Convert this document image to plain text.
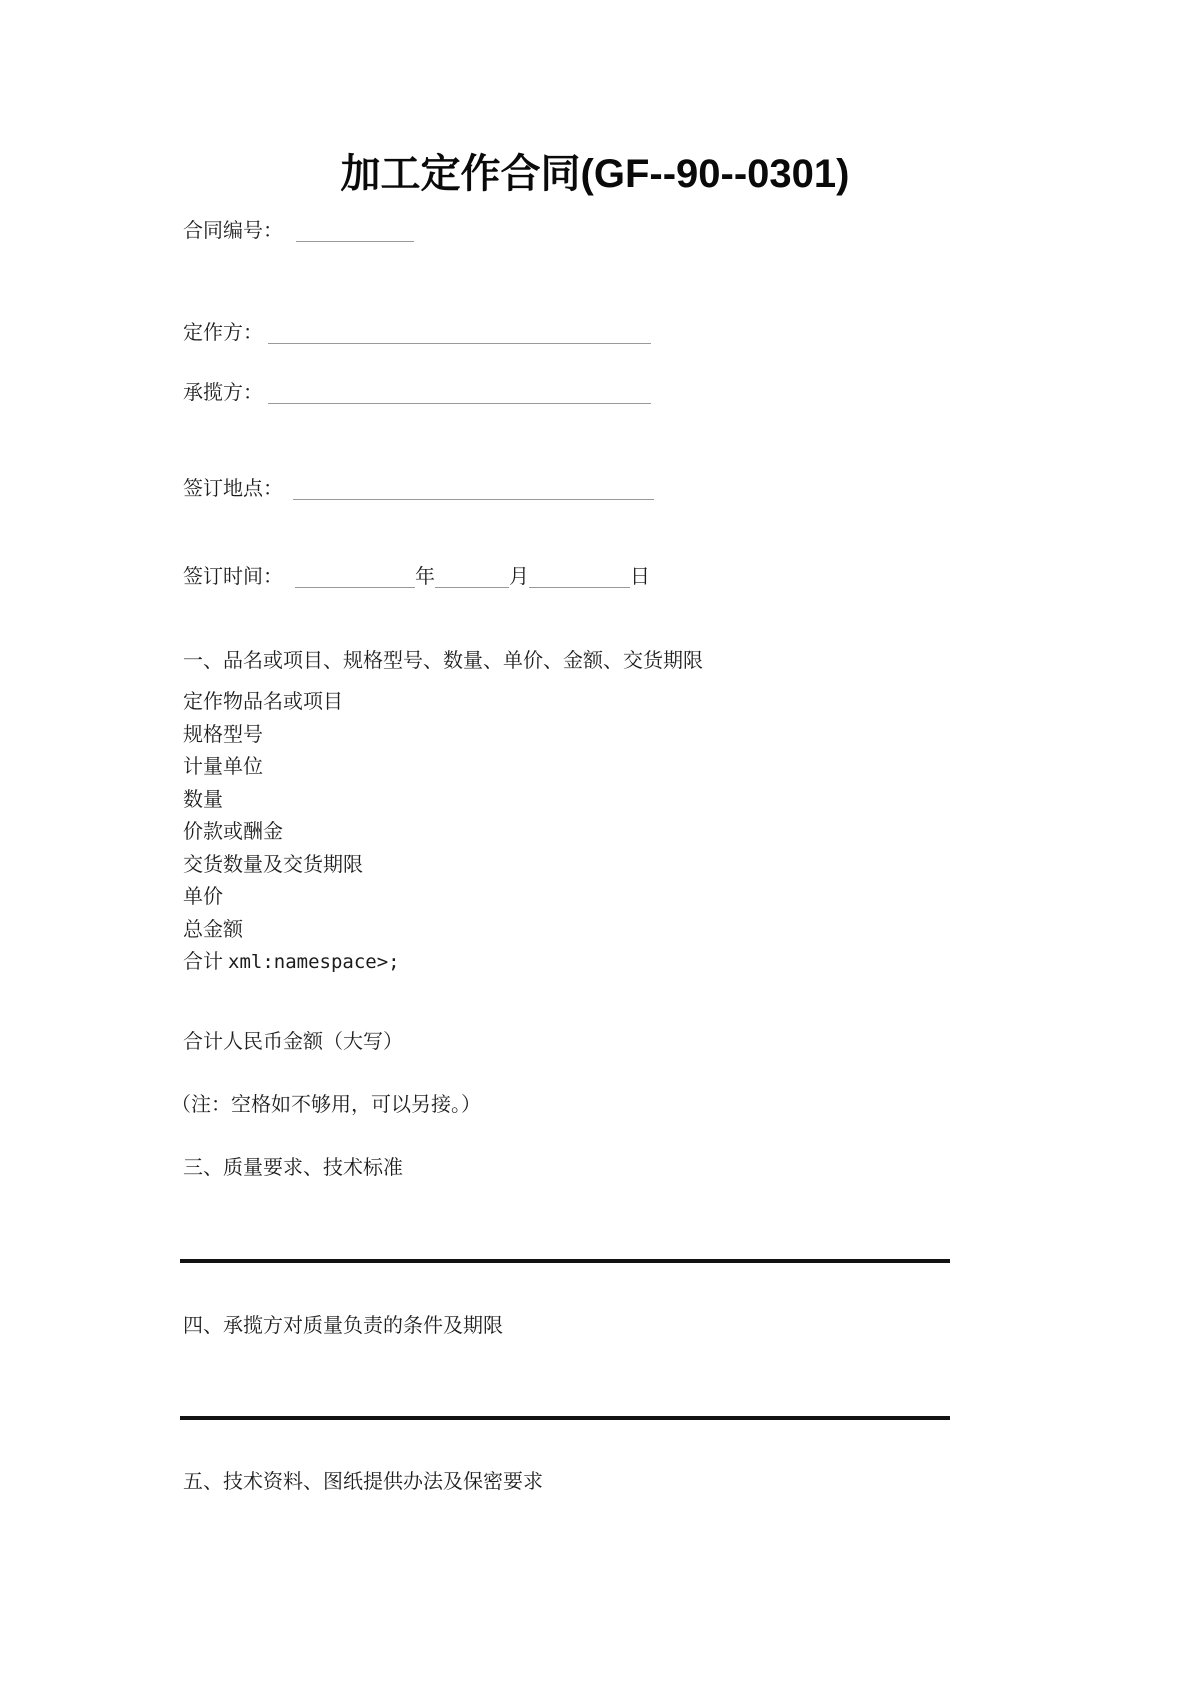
加工定作合同(GF--90--0301)
合同编号：
定作方：
承揽方：
签订地点：
签订时间：	年	月	日
一、品名或项目、规格型号、数量、单价、金额、交货期限
定作物品名或项目
规格型号
计量单位
数量
价款或酬金
交货数量及交货期限
单价
总金额
合计 xml:namespace>;
合计人民币金额（大写）
（注：空格如不够用，可以另接。）
三、质量要求、技术标准
四、承揽方对质量负责的条件及期限
五、技术资料、图纸提供办法及保密要求
